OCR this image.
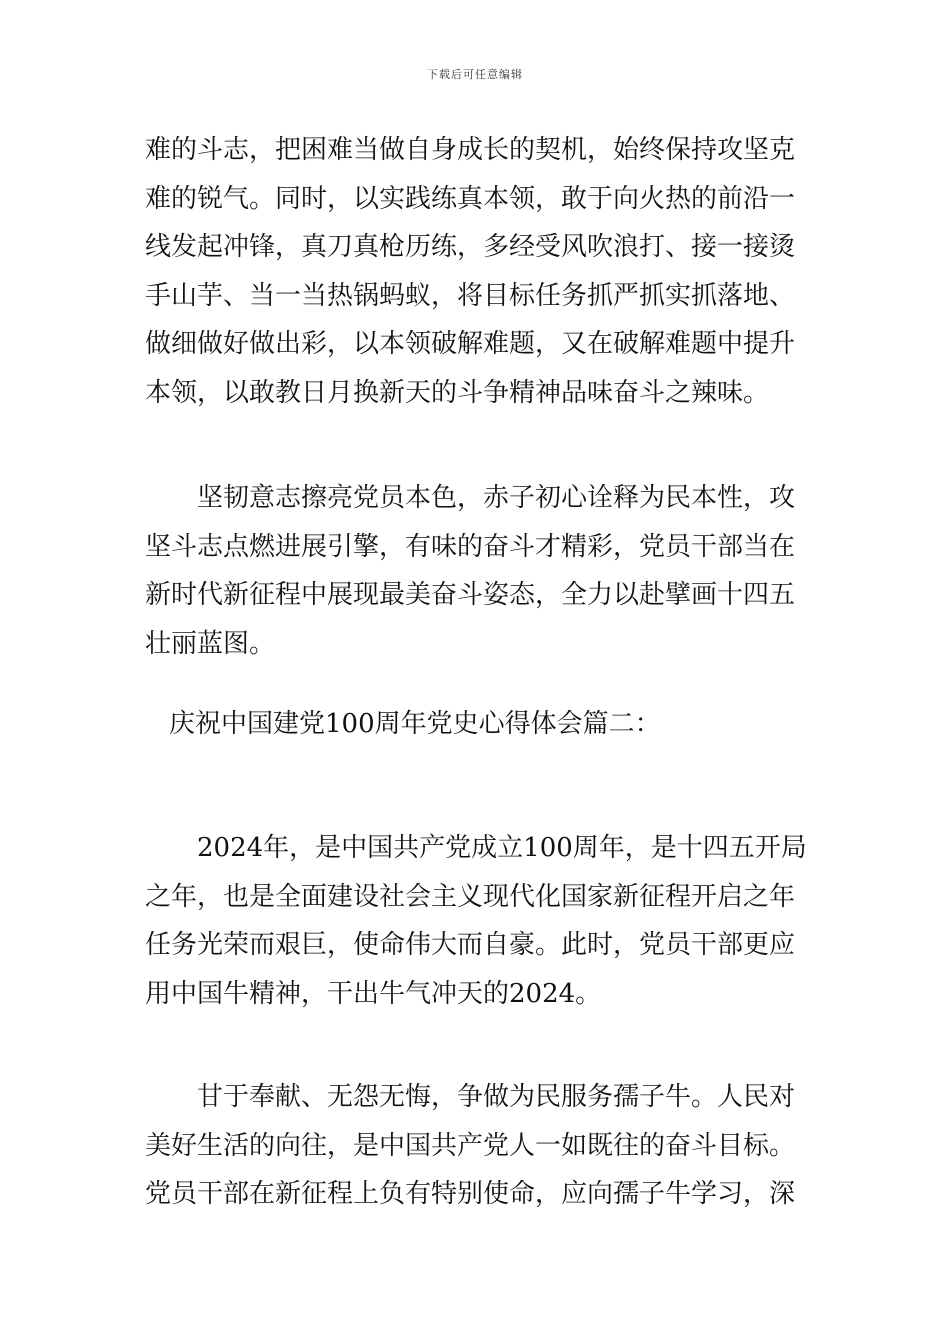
下载后可任意编辑

难的斗志，把困难当做自身成长的契机，始终保持攻坚克
难的锐气。同时，以实践练真本领，敢于向火热的前沿一
线发起冲锋，真刀真枪历练，多经受风吹浪打、接一接烫
手山芋、当一当热锅蚂蚁，将目标任务抓严抓实抓落地、
做细做好做出彩，以本领破解难题，又在破解难题中提升
本领，以敢教日月换新天的斗争精神品味奋斗之辣味。

坚韧意志擦亮党员本色，赤子初心诠释为民本性，攻
坚斗志点燃进展引擎，有味的奋斗才精彩，党员干部当在
新时代新征程中展现最美奋斗姿态，全力以赴擘画十四五
壮丽蓝图。

庆祝中国建党100周年党史心得体会篇二：

2024年，是中国共产党成立100周年，是十四五开局
之年，也是全面建设社会主义现代化国家新征程开启之年
任务光荣而艰巨，使命伟大而自豪。此时，党员干部更应
用中国牛精神，干出牛气冲天的2024。

甘于奉献、无怨无悔，争做为民服务孺子牛。人民对
美好生活的向往，是中国共产党人一如既往的奋斗目标。
党员干部在新征程上负有特别使命，应向孺子牛学习，深
